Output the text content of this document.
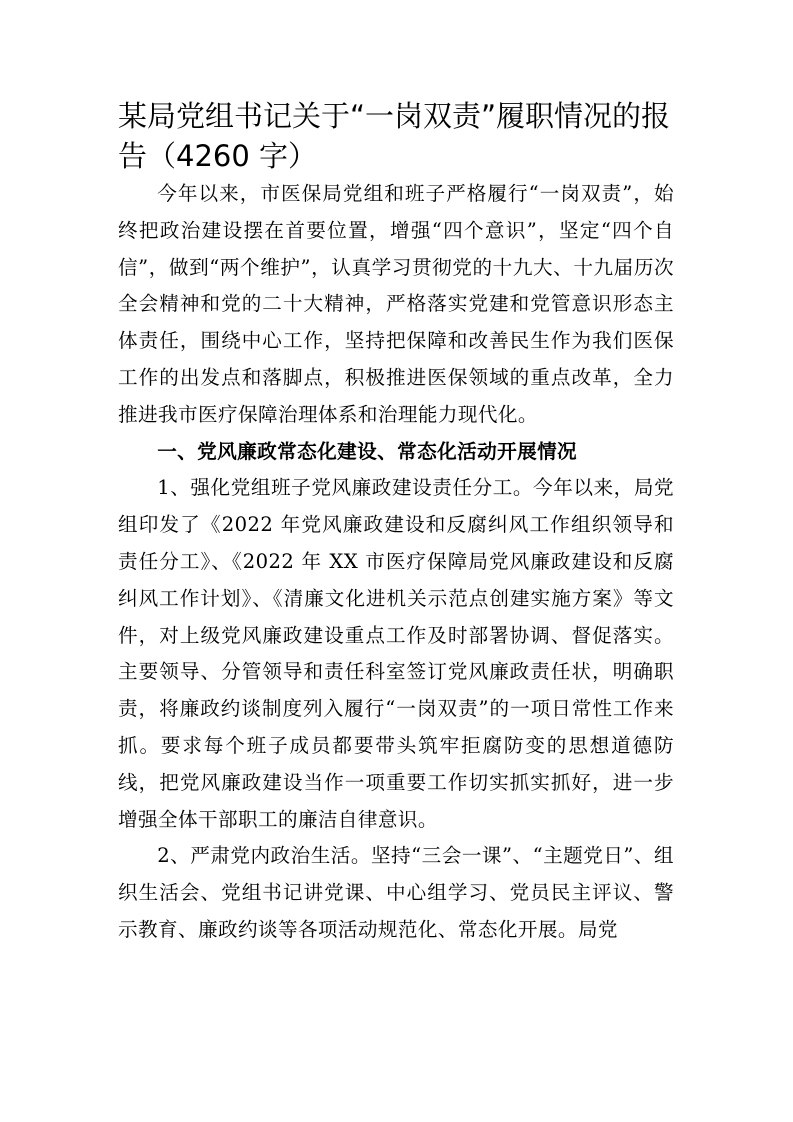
某局党组书记关于“一岗双责”履职情况的报告（4260 字）

今年以来，市医保局党组和班子严格履行“一岗双责”，始终把政治建设摆在首要位置，增强“四个意识”，坚定“四个自信”，做到“两个维护”，认真学习贯彻党的十九大、十九届历次全会精神和党的二十大精神，严格落实党建和党管意识形态主体责任，围绕中心工作，坚持把保障和改善民生作为我们医保工作的出发点和落脚点，积极推进医保领域的重点改革，全力推进我市医疗保障治理体系和治理能力现代化。

一、党风廉政常态化建设、常态化活动开展情况

1、强化党组班子党风廉政建设责任分工。今年以来，局党组印发了《2022 年党风廉政建设和反腐纠风工作组织领导和责任分工》、《2022 年 XX 市医疗保障局党风廉政建设和反腐纠风工作计划》、《清廉文化进机关示范点创建实施方案》等文件，对上级党风廉政建设重点工作及时部署协调、督促落实。主要领导、分管领导和责任科室签订党风廉政责任状，明确职责，将廉政约谈制度列入履行“一岗双责”的一项日常性工作来抓。要求每个班子成员都要带头筑牢拒腐防变的思想道德防线，把党风廉政建设当作一项重要工作切实抓实抓好，进一步增强全体干部职工的廉洁自律意识。

2、严肃党内政治生活。坚持“三会一课”、“主题党日”、组织生活会、党组书记讲党课、中心组学习、党员民主评议、警示教育、廉政约谈等各项活动规范化、常态化开展。局党
